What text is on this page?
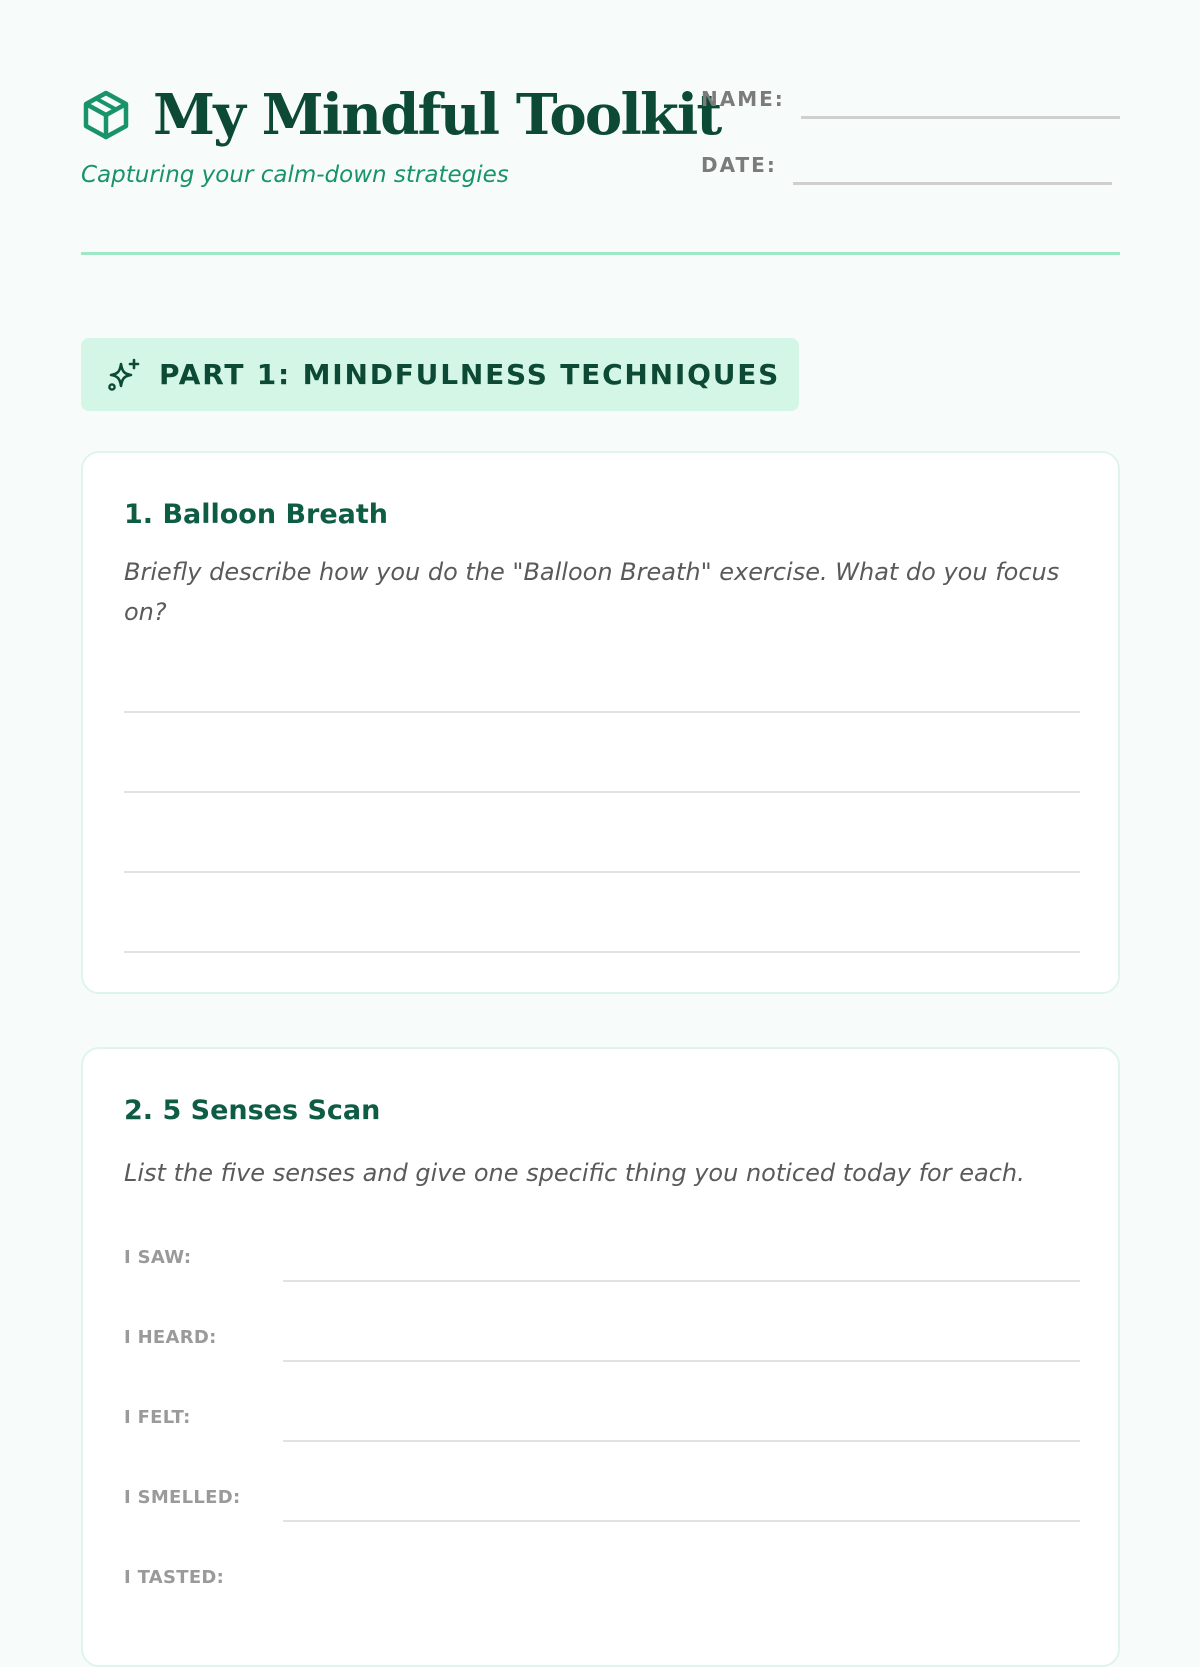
My Mindful Toolkit
Capturing your calm-down strategies
NAME:
DATE:
PART 1: MINDFULNESS TECHNIQUES
1. Balloon Breath
Briefly describe how you do the "Balloon Breath" exercise. What do you focus on?
2. 5 Senses Scan
List the five senses and give one specific thing you noticed today for each.
I SAW:
I HEARD:
I FELT:
I SMELLED:
I TASTED:
